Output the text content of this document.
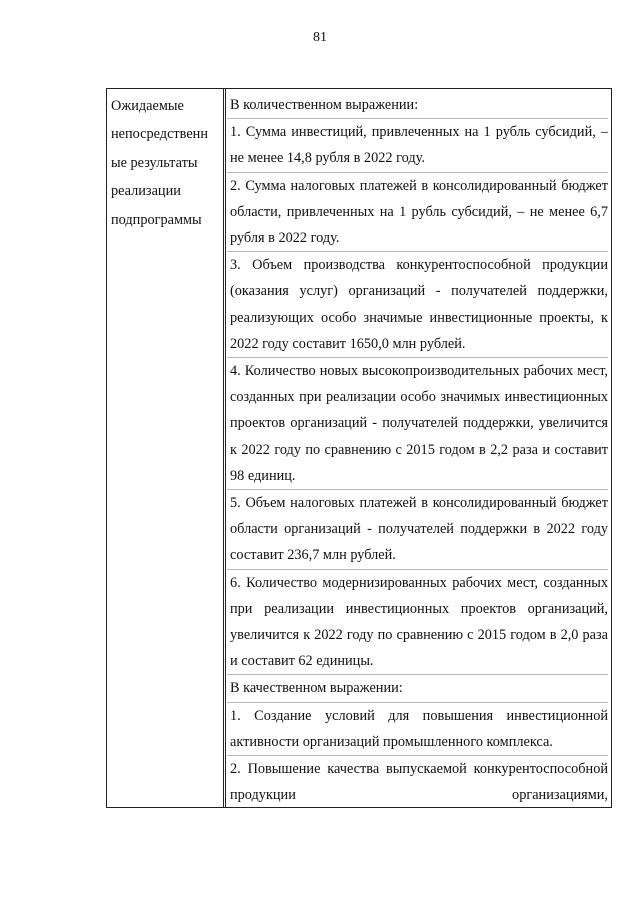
81
Ожидаемые
непосредственн
ые результаты
реализации
подпрограммы

В количественном выражении:

1. Сумма инвестиций, привлеченных на 1 рубль субсидий, – не менее 14,8 рубля в 2022 году.

2. Сумма налоговых платежей в консолидированный бюджет области, привлеченных на 1 рубль субсидий, – не менее 6,7 рубля в 2022 году.

3. Объем производства конкурентоспособной продукции (оказания услуг) организаций - получателей поддержки, реализующих особо значимые инвестиционные проекты, к 2022 году составит 1650,0 млн рублей.

4. Количество новых высокопроизводительных рабочих мест, созданных при реализации особо значимых инвестиционных проектов организаций - получателей поддержки, увеличится к 2022 году по сравнению с 2015 годом в 2,2 раза и составит 98 единиц.

5. Объем налоговых платежей в консолидированный бюджет области организаций - получателей поддержки в 2022 году составит 236,7 млн рублей.

6. Количество модернизированных рабочих мест, созданных при реализации инвестиционных проектов организаций, увеличится к 2022 году по сравнению с 2015 годом в 2,0 раза и составит 62 единицы.

В качественном выражении:

1. Создание условий для повышения инвестиционной активности организаций промышленного комплекса.

2. Повышение качества выпускаемой конкурентоспособной продукции организациями,
